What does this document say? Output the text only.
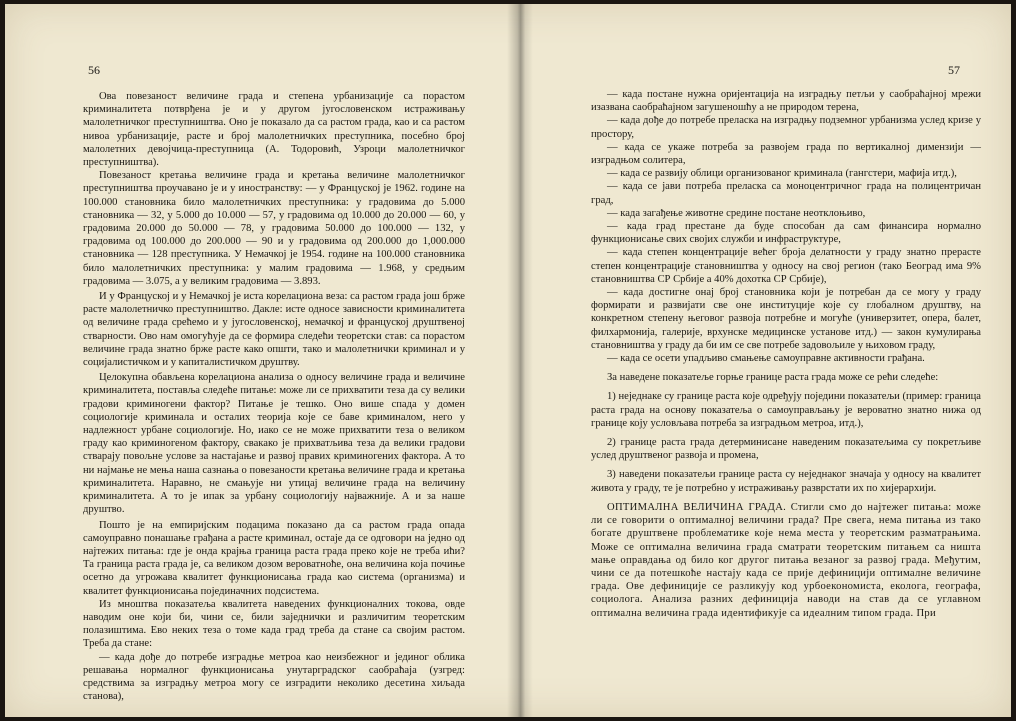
56

Ова повезаност величине града и степена урбанизације са порастом криминалитета потврђена је и у другом југословенском истраживању малолетничког преступништва. Оно је показало да са растом града, као и са растом нивоа урбанизације, расте и број малолетничких преступника, посебно број малолетних девојчица-преступница (А. Тодоровић, Узроци малолетничког преступништва).

Повезаност кретања величине града и кретања величине малолетничког преступништва проучавано је и у иностранству: — у Француској је 1962. године на 100.000 становника било малолетничких преступника: у градовима до 5.000 становника — 32, у 5.000 до 10.000 — 57, у градовима од 10.000 до 20.000 — 60, у градовима 20.000 до 50.000 — 78, у градовима 50.000 до 100.000 — 132, у градовима од 100.000 до 200.000 — 90 и у градовима од 200.000 до 1,000.000 становника — 128 преступника. У Немачкој је 1954. године на 100.000 становника било малолетничких преступника: у малим градовима — 1.968, у средњим градовима — 3.075, а у великим градовима — 3.893.

И у Француској и у Немачкој је иста корелациона веза: са растом града још брже расте малолетничко преступништво. Дакле: исте односе зависности криминалитета од величине града срећемо и у југословенској, немачкој и француској друштвеној стварности. Ово нам омогућује да се формира следећи теоретски став: са порастом величине града знатно брже расте како општи, тако и малолетнички криминал и у социјалистичком и у капиталистичком друштву.

Целокупна обављена корелациона анализа о односу величине града и величине криминалитета, поставља следеће питање: може ли се прихватити теза да су велики градови криминогени фактор? Питање је тешко. Оно више спада у домен социологије криминала и осталих теорија које се баве криминалом, него у надлежност урбане социологије. Но, иако се не може прихватити теза о великом граду као криминогеном фактору, свакако је прихватљива теза да велики градови стварају повољне услове за настајање и развој правих криминогених фактора. А то ни најмање не мења наша сазнања о повезаности кретања величине града и кретања криминалитета. Наравно, не смањује ни утицај величине града на величину криминалитета. А то је ипак за урбану социологију најважније. А и за наше друштво.

Пошто је на емпиријским подацима показано да са растом града опада самоуправно понашање грађана а расте криминал, остаје да се одговори на једно од најтежих питања: где је онда крајња граница раста града преко које не треба ићи? Та граница раста града је, са великом дозом вероватноће, она величина која почиње осетно да угрожава квалитет функционисања града као система (организма) и квалитет функционисања појединачних подсистема.

Из мноштва показатеља квалитета наведених функционалних токова, овде наводим оне који би, чини се, били заједнички и различитим теоретским полазиштима. Ево неких теза о томе када град треба да стане са својим растом. Треба да стане:

— када дође до потребе изградње метроа као неизбежног и јединог облика решавања нормалног функционисања унутаргрaдског саобраћаја (узгред: средствима за изградњу метроа могу се изградити неколико десетина хиљада станова),

57

— када постане нужна оријентација на изградњу петљи у саобраћајној мрежи изазвана саобраћајном загушеношћу а не природом терена,

— када дође до потребе преласка на изградњу подземног урбанизма услед кризе у простору,

— када се укаже потреба за развојем града по вертикалној димензији — изградњом солитера,

— када се развију облици организованог криминала (гангстери, мафија итд.),

— када се јави потреба преласка са моноцентричног града на полицентричан град,

— када загађење животне средине постане неотклоњиво,

— када град престане да буде способан да сам финансира нормално функционисање свих својих служби и инфраструктуре,

— када степен концентрације већег броја делатности у граду знатно прерасте степен концентрације становништва у односу на свој регион (тако Београд има 9% становништва СР Србије а 40% дохотка СР Србије),

— када достигне онај број становника који је потребан да се могу у граду формирати и развијати све оне институције које су глобалном друштву, на конкретном степену његовог развоја потребне и могуће (универзитет, опера, балет, филхармонија, галерије, врхунске медицинске установе итд.) — закон кумулирања становништва у граду да би им се све потребе задовољиле у њиховом граду,

— када се осети упадљиво смањење самоуправне активности грађана.

За наведене показатеље горње границе раста града може се рећи следеће:

1) неједнаке су границе раста које одређују поједини показатељи (пример: граница раста града на основу показатеља о самоуправљању је вероватно знатно нижа од границе коју условљава потреба за изградњом метроа, итд.),

2) границе раста града детерминисане наведеним показатељима су покретљиве услед друштвеног развоја и промена,

3) наведени показатељи границе раста су неједнаког значаја у односу на квалитет живота у граду, те је потребно у истраживању разврстати их по хијерархији.

ОПТИМАЛНА ВЕЛИЧИНА ГРАДА. Стигли смо до најтежег питања: може ли се говорити о оптималној величини града? Пре свега, нема питања из тако богате друштвене проблематике које нема места у теоретским разматрањима. Може се оптимална величина града сматрати теоретским питањем са ништа мање оправдања од било ког другог питања везаног за развој града. Међутим, чини се да потешкоће настају када се прије дефиницији оптималне величине града. Ове дефиниције се разликују код урбоекономиста, еколога, географа, социолога. Анализа разних дефиниција наводи на став да се углавном оптимална величина града идентификује са идеалним типом града. При
